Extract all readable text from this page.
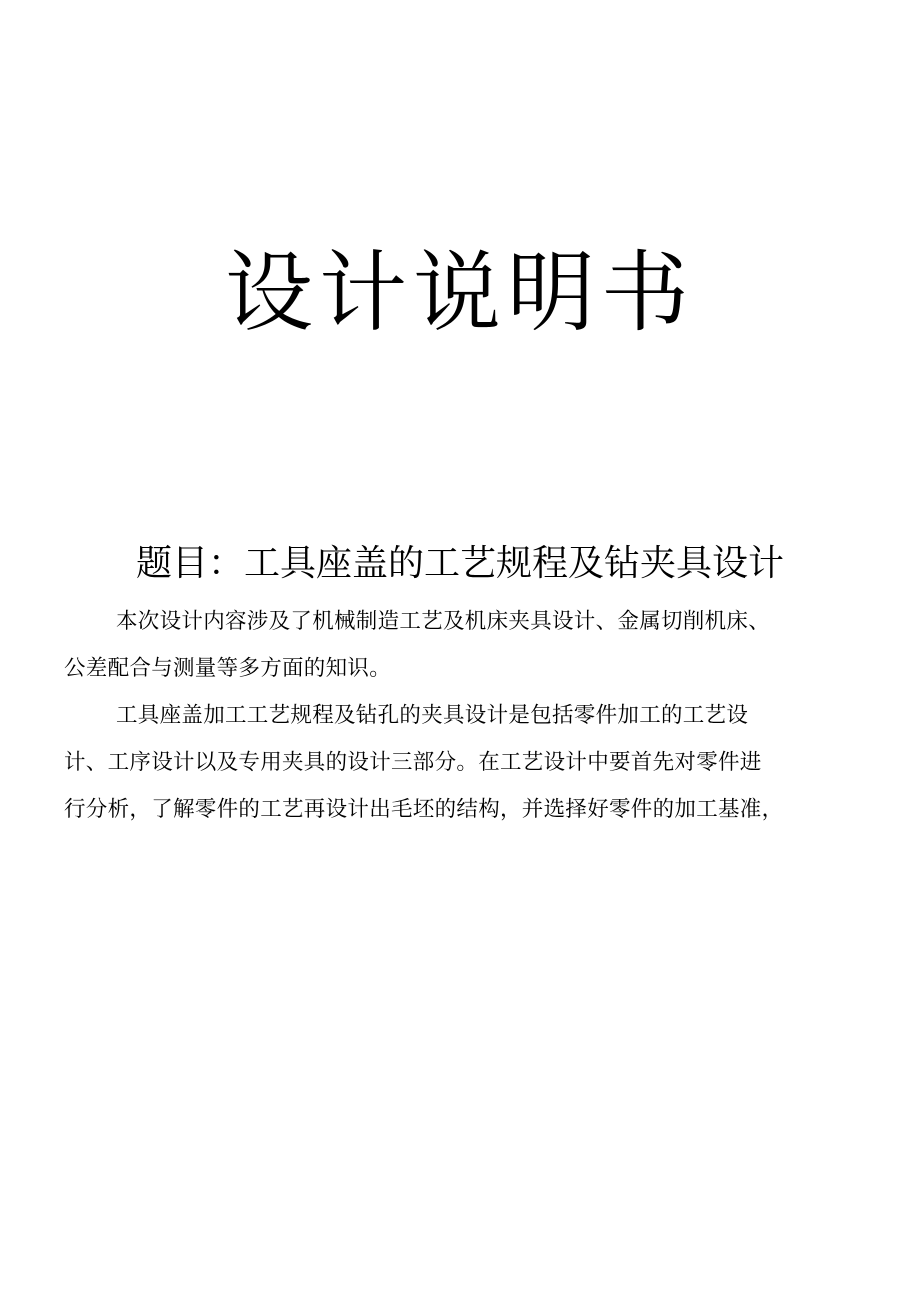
设计说明书
题目：工具座盖的工艺规程及钻夹具设计
本次设计内容涉及了机械制造工艺及机床夹具设计、金属切削机床、
公差配合与测量等多方面的知识。
工具座盖加工工艺规程及钻孔的夹具设计是包括零件加工的工艺设
计、工序设计以及专用夹具的设计三部分。在工艺设计中要首先对零件进
行分析，了解零件的工艺再设计出毛坯的结构，并选择好零件的加工基准，
